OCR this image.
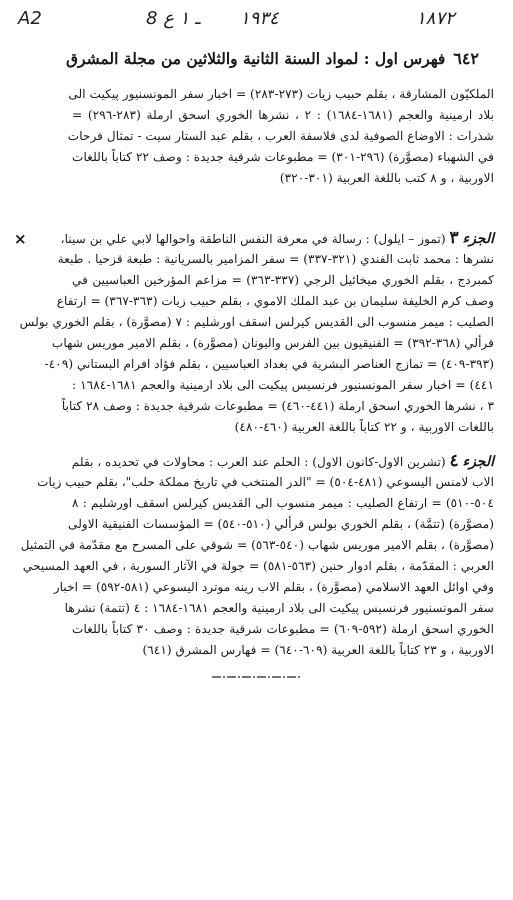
A2	8 ـ ١ ع ١٩٣٤	١٨٧٢
٦٤٢
فهرس اول : لمواد السنة الثانية والثلاثين من مجلة المشرق
الملكيّون المشارقة ، بقلم حبيب زيات (٢٧٣-٢٨٣) = اخبار سفر المونسنيور پيكيت الى
بلاد ارمينية والعجم (١٦٨١-١٦٨٤) : ٢ ، نشرها الخوري اسحق ارملة (٢٨٣-٢٩٦) =
شذرات : الاوضاع الصوفية لدى فلاسفة العرب ، بقلم عبد الستار سيت - تمثال فرحات
في الشهباء (مصوَّرة) (٢٩٦-٣٠١) = مطبوعات شرقية جديدة : وصف ٢٢ كتاباً باللغات
الاوربية ، و ٨ كتب باللغة العربية (٣٠١-٣٢٠)
×	الجزء ٣ (تموز – ايلول) : رسالة في معرفة النفس الناطقة واحوالها لابي علي بن سينا،
نشرها : محمد ثابت الفندي (٣٢١-٣٣٧) = سفر المزامير بالسريانية : طبعة قزحيا . طبعة
كمبردج ، بقلم الخوري ميخائيل الرجي (٣٣٧-٣٦٣) = مزاعم المؤرخين العباسيين في
وصف كرم الخليفة سليمان بن عبد الملك الاموي ، بقلم حبيب زيات (٣٦٣-٣٦٧) = ارتفاع
الصليب : ميمر منسوب الى القديس كيرلس اسقف اورشليم : ٧ (مصوَّرة) ، بقلم الخوري بولس
قرألي (٣٦٨-٣٩٢) = الفنيقيون بين الفرس واليونان (مصوَّرة) ، بقلم الامير موريس شهاب
(٣٩٣-٤٠٩) = تمازج العناصر البشرية في بغداد العباسيين ، بقلم فؤاد افرام البستاني (٤٠٩-
٤٤١) = اخبار سفر المونسنيور فرنسيس پيكيت الى بلاد ارمينية والعجم ١٦٨١-١٦٨٤ :
٣ ، نشرها الخوري اسحق ارملة (٤٤١-٤٦٠) = مطبوعات شرقية جديدة : وصف ٢٨ كتاباً
باللغات الاوربية ، و ٢٢ كتاباً باللغة العربية (٤٦٠-٤٨٠)
الجزء ٤ (تشرين الاول-كانون الاول) : الحلم عند العرب : محاولات في تحديده ، بقلم
الاب لامنس اليسوعي (٤٨١-٥٠٤) = "الدر المنتخب في تاريخ مملكة حلب"، بقلم حبيب زيات
٥٠٤-٥١٠) = ارتفاع الصليب : ميمر منسوب الى القديس كيرلس اسقف اورشليم : ٨
(مصوَّرة) (تتمَّة) ، بقلم الخوري بولس قرألي (٥١٠-٥٤٠) = المؤسسات الفنيقية الاولى
(مصوَّرة) ، بقلم الامير موريس شهاب (٥٤٠-٥٦٣) = شوقي على المسرح مع مقدّمة في التمثيل
العربي : المقدّمة ، بقلم ادوار حنين (٥٦٣-٥٨١) = جولة في الآثار السورية ، في العهد المسيحي
وفي اوائل العهد الاسلامي (مصوَّرة) ، بقلم الاب رينه موترد اليسوعي (٥٨١-٥٩٢) = اخبار
سفر المونسنيور فرنسيس پيكيت الى بلاد ارمينية والعجم ١٦٨١-١٦٨٤ : ٤ (تتمة) نشرها
الخوري اسحق ارملة (٥٩٢-٦٠٩) = مطبوعات شرقية جديدة : وصف ٣٠ كتاباً باللغات
الاوربية ، و ٢٣ كتاباً باللغة العربية (٦٠٩-٦٤٠) = فهارس المشرق (٦٤١)
